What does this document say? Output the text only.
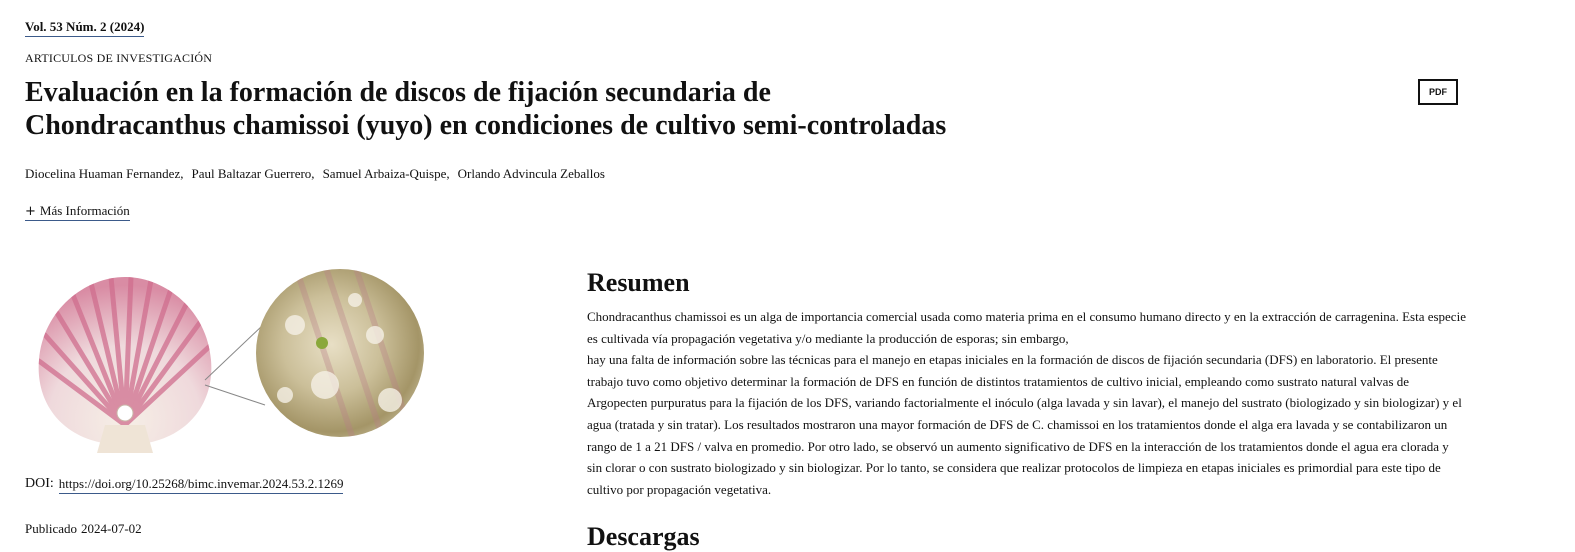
Vol. 53 Núm. 2 (2024)
ARTICULOS DE INVESTIGACIÓN
Evaluación en la formación de discos de fijación secundaria de
Chondracanthus chamissoi (yuyo) en condiciones de cultivo semi-controladas
PDF
Diocelina Huaman Fernandez, Paul Baltazar Guerrero, Samuel Arbaiza-Quispe, Orlando Advincula Zeballos
+ Más Información
DOI: https://doi.org/10.25268/bimc.invemar.2024.53.2.1269
Publicado 2024-07-02
Resumen

Chondracanthus chamissoi es un alga de importancia comercial usada como materia prima en el consumo humano directo y en la extracción de carragenina. Esta especie es cultivada vía propagación vegetativa y/o mediante la producción de esporas; sin embargo,

hay una falta de información sobre las técnicas para el manejo en etapas iniciales en la formación de discos de fijación secundaria (DFS) en laboratorio. El presente trabajo tuvo como objetivo determinar la formación de DFS en función de distintos tratamientos de cultivo inicial, empleando como sustrato natural valvas de Argopecten purpuratus para la fijación de los DFS, variando factorialmente el inóculo (alga lavada y sin lavar), el manejo del sustrato (biologizado y sin biologizar) y el agua (tratada y sin tratar). Los resultados mostraron una mayor formación de DFS de C. chamissoi en los tratamientos donde el alga era lavada y se contabilizaron un rango de 1 a 21 DFS / valva en promedio. Por otro lado, se observó un aumento significativo de DFS en la interacción de los tratamientos donde el agua era clorada y sin clorar o con sustrato biologizado y sin biologizar. Por lo tanto, se considera que realizar protocolos de limpieza en etapas iniciales es primordial para este tipo de cultivo por propagación vegetativa.

Descargas
